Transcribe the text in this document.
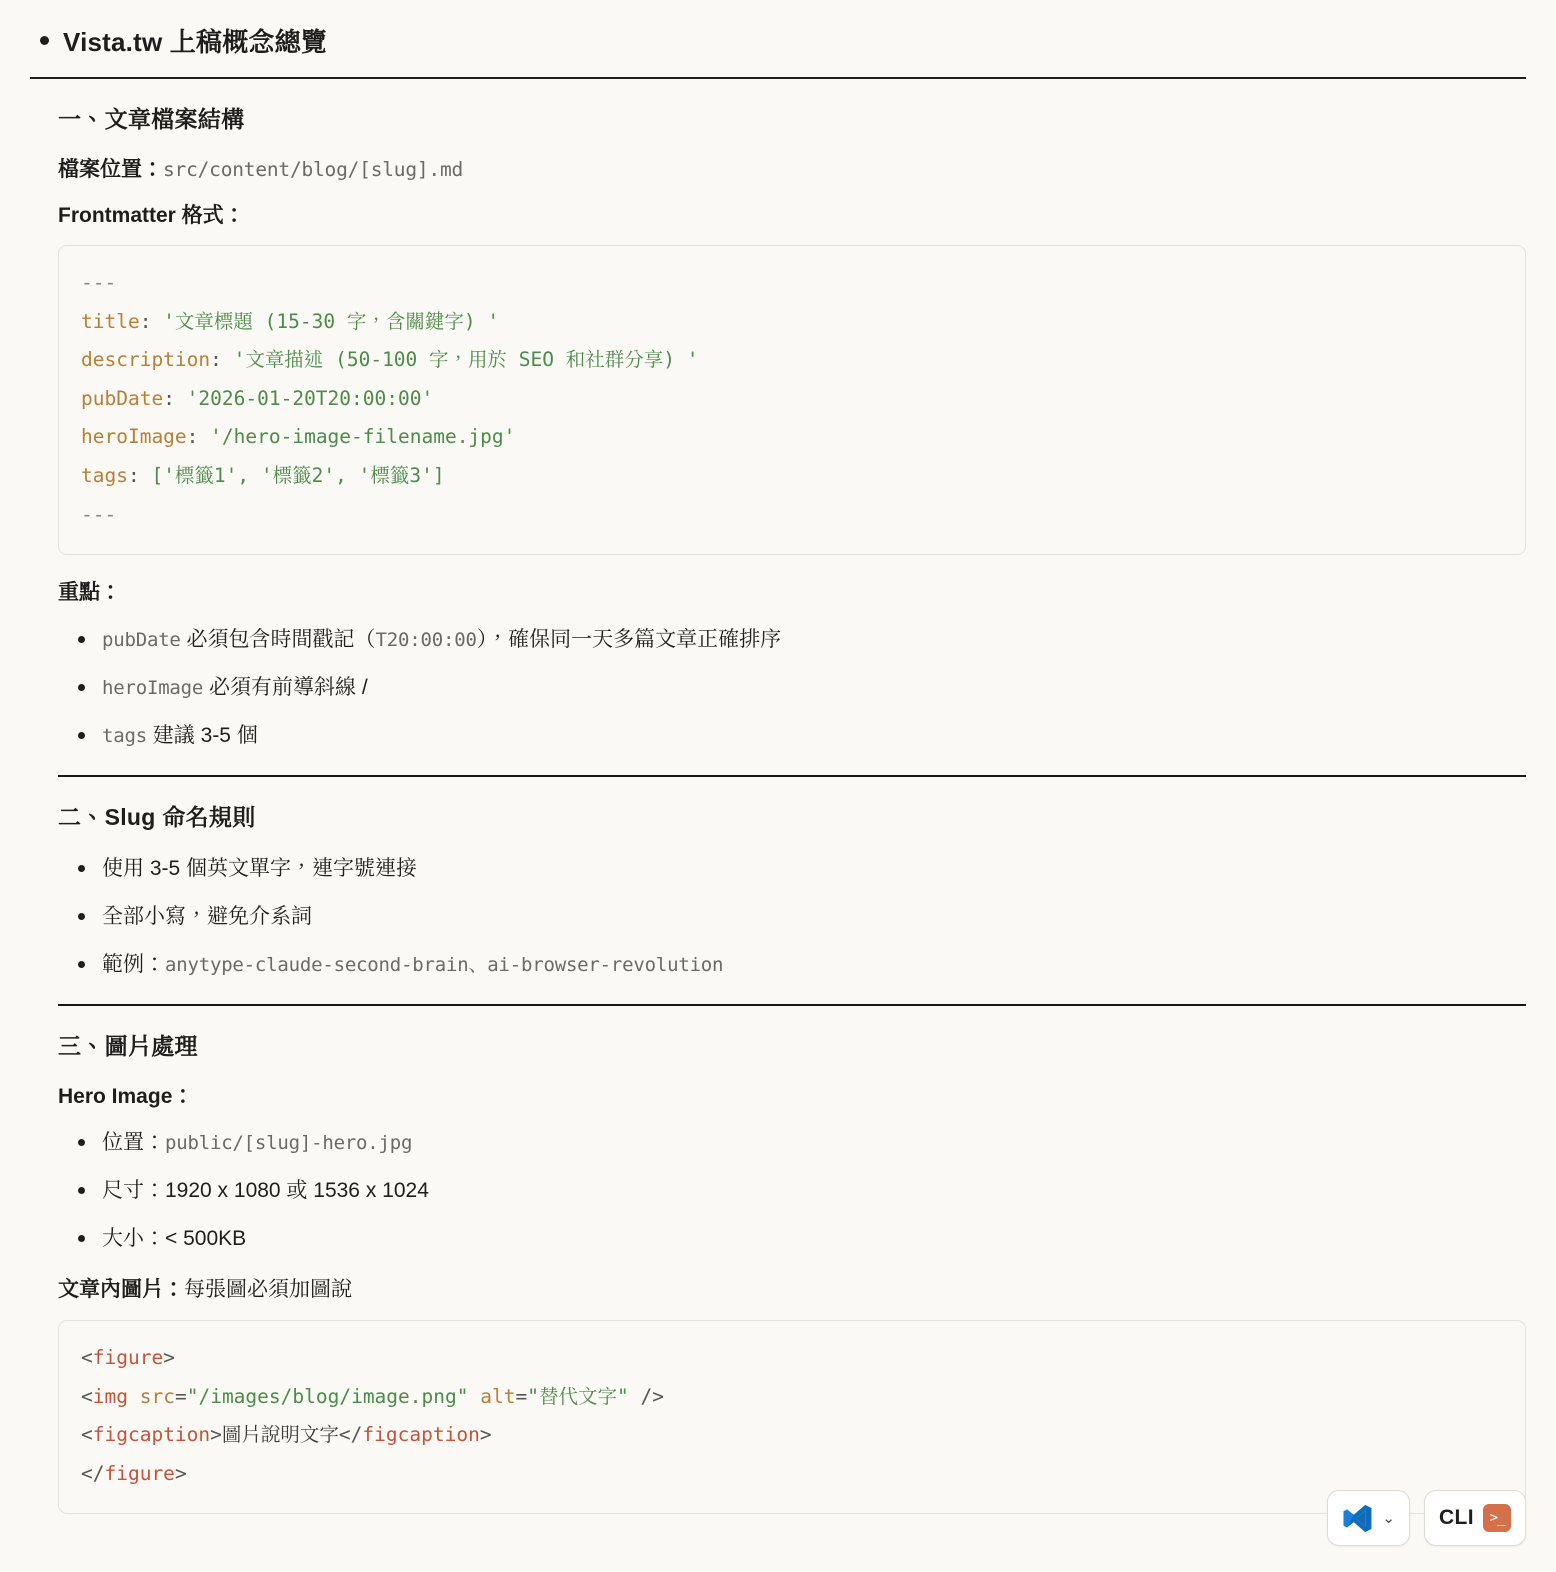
Vista.tw 上稿概念總覽
一、文章檔案結構

檔案位置：src/content/blog/[slug].md

Frontmatter 格式：

---
title: '文章標題 (15-30 字，含關鍵字) '
description: '文章描述 (50-100 字，用於 SEO 和社群分享) '
pubDate: '2026-01-20T20:00:00'
heroImage: '/hero-image-filename.jpg'
tags: ['標籤1', '標籤2', '標籤3']
---

重點：

pubDate 必須包含時間戳記（T20:00:00），確保同一天多篇文章正確排序
heroImage 必須有前導斜線 /
tags 建議 3-5 個
二、Slug 命名規則
使用 3-5 個英文單字，連字號連接
全部小寫，避免介系詞
範例：anytype-claude-second-brain、ai-browser-revolution
三、圖片處理

Hero Image：

位置：public/[slug]-hero.jpg
尺寸：1920 x 1080 或 1536 x 1024
大小：< 500KB

文章內圖片：每張圖必須加圖說

<figure>
<img src="/images/blog/image.png" alt="替代文字" />
<figcaption>圖片說明文字</figcaption>
</figure>
⌄ CLI	>_
